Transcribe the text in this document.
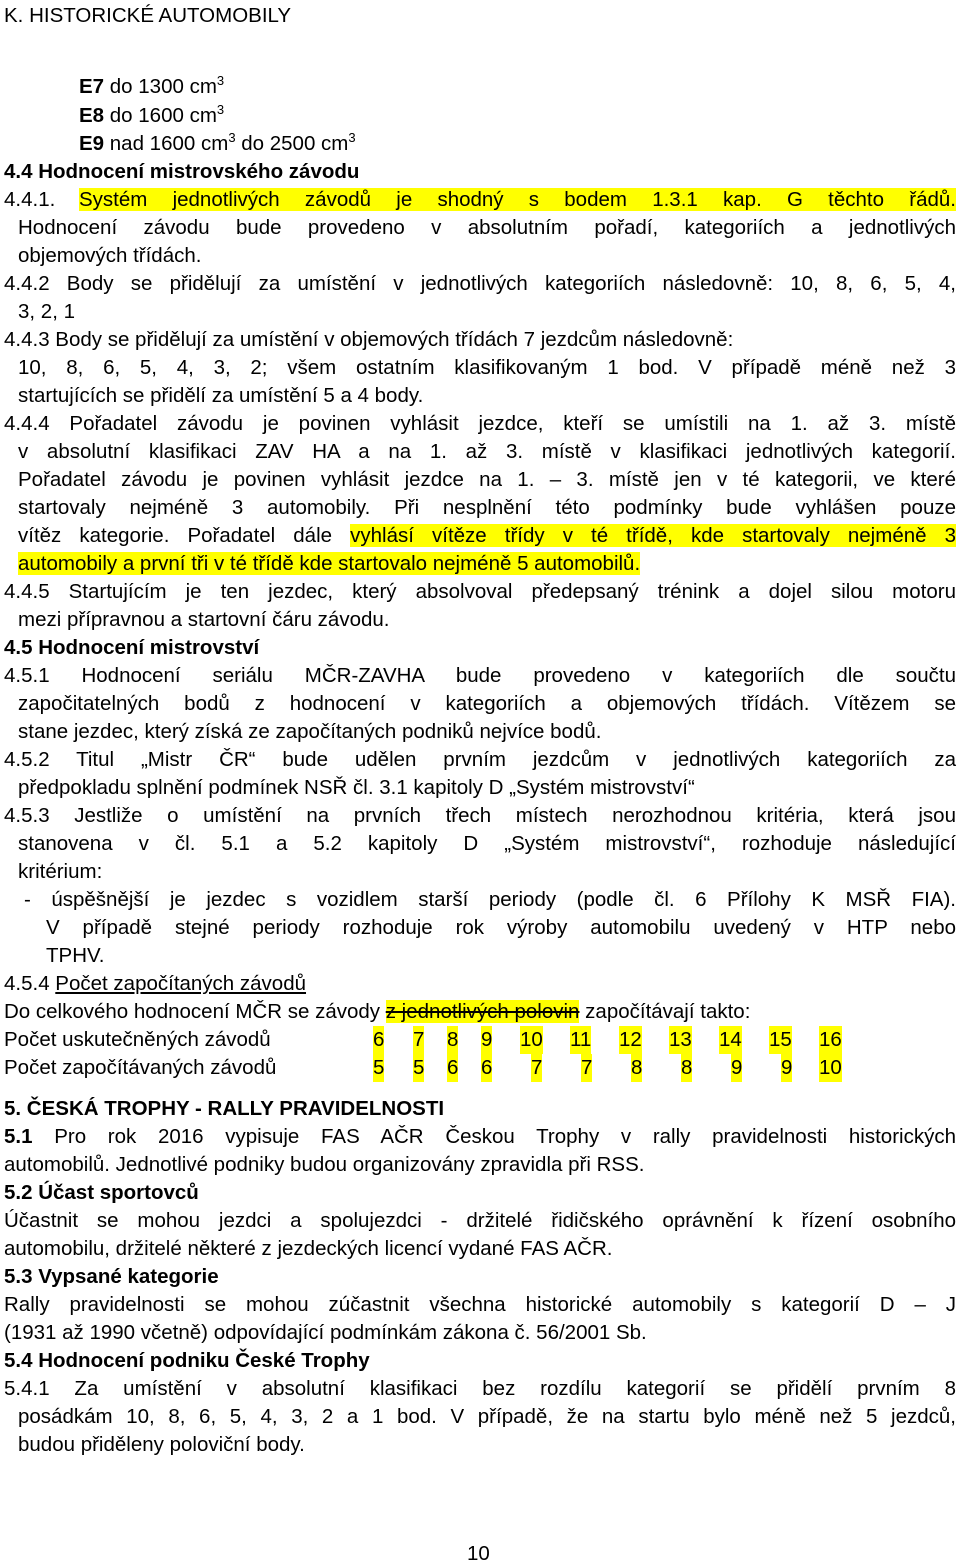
K. HISTORICKÉ AUTOMOBILY
E7 do 1300 $cm^3$
E8 do 1600 $cm^3$
E9 nad 1600 $cm^3$ do 2500 $cm^3$
4.4 Hodnocení mistrovského závodu
4.4.1. Systém jednotlivých závodů je shodný s bodem 1.3.1 kap. G těchto řádů.
Hodnocení závodu bude provedeno v absolutním pořadí, kategoriích a jednotlivých
objemových třídách.
4.4.2 Body se přidělují za umístění v jednotlivých kategoriích následovně: 10, 8, 6, 5, 4,
3, 2, 1
4.4.3 Body se přidělují za umístění v objemových třídách 7 jezdcům následovně:
10, 8, 6, 5, 4, 3, 2; všem ostatním klasifikovaným 1 bod. V případě méně než 3
startujících se přidělí za umístění 5 a 4 body.
4.4.4 Pořadatel závodu je povinen vyhlásit jezdce, kteří se umístili na 1. až 3. místě
v absolutní klasifikaci ZAV HA a na 1. až 3. místě v klasifikaci jednotlivých kategorií.
Pořadatel závodu je povinen vyhlásit jezdce na 1. – 3. místě jen v té kategorii, ve které
startovaly nejméně 3 automobily. Při nesplnění této podmínky bude vyhlášen pouze
vítěz kategorie. Pořadatel dále vyhlásí vítěze třídy v té třídě, kde startovaly nejméně 3
automobily a první tři v té třídě kde startovalo nejméně 5 automobilů.
4.4.5 Startujícím je ten jezdec, který absolvoval předepsaný trénink a dojel silou motoru
mezi přípravnou a startovní čáru závodu.
4.5 Hodnocení mistrovství
4.5.1 Hodnocení seriálu MČR-ZAVHA bude provedeno v kategoriích dle součtu
započitatelných bodů z hodnocení v kategoriích a objemových třídách. Vítězem se
stane jezdec, který získá ze započítaných podniků nejvíce bodů.
4.5.2 Titul „Mistr ČR“ bude udělen prvním jezdcům v jednotlivých kategoriích za
předpokladu splnění podmínek NSŘ čl. 3.1 kapitoly D „Systém mistrovství“
4.5.3 Jestliže o umístění na prvních třech místech nerozhodnou kritéria, která jsou
stanovena v čl. 5.1 a 5.2 kapitoly D „Systém mistrovství“, rozhoduje následující
kritérium:
- úspěšnější je jezdec s vozidlem starší periody (podle čl. 6 Přílohy K MSŘ FIA).
V případě stejné periody rozhoduje rok výroby automobilu uvedený v HTP nebo
TPHV.
4.5.4 Počet započítaných závodů
Do celkového hodnocení MČR se závody z jednotlivých polovin započítávají takto:
Počet uskutečněných závodů	6 7 8 9 10 11 12 13 14 15 16
Počet započítávaných závodů	5 5 6 6 7 7 8 8 9 9 10
5. ČESKÁ TROPHY - RALLY PRAVIDELNOSTI
5.1 Pro rok 2016 vypisuje FAS AČR Českou Trophy v rally pravidelnosti historických
automobilů. Jednotlivé podniky budou organizovány zpravidla při RSS.
5.2 Účast sportovců
Účastnit se mohou jezdci a spolujezdci - držitelé řidičského oprávnění k řízení osobního
automobilu, držitelé některé z jezdeckých licencí vydané FAS AČR.
5.3 Vypsané kategorie
Rally pravidelnosti se mohou zúčastnit všechna historické automobily s kategorií D – J
(1931 až 1990 včetně) odpovídající podmínkám zákona č. 56/2001 Sb.
5.4 Hodnocení podniku České Trophy
5.4.1 Za umístění v absolutní klasifikaci bez rozdílu kategorií se přidělí prvním 8
posádkám 10, 8, 6, 5, 4, 3, 2 a 1 bod. V případě, že na startu bylo méně než 5 jezdců,
budou přiděleny poloviční body.
10
